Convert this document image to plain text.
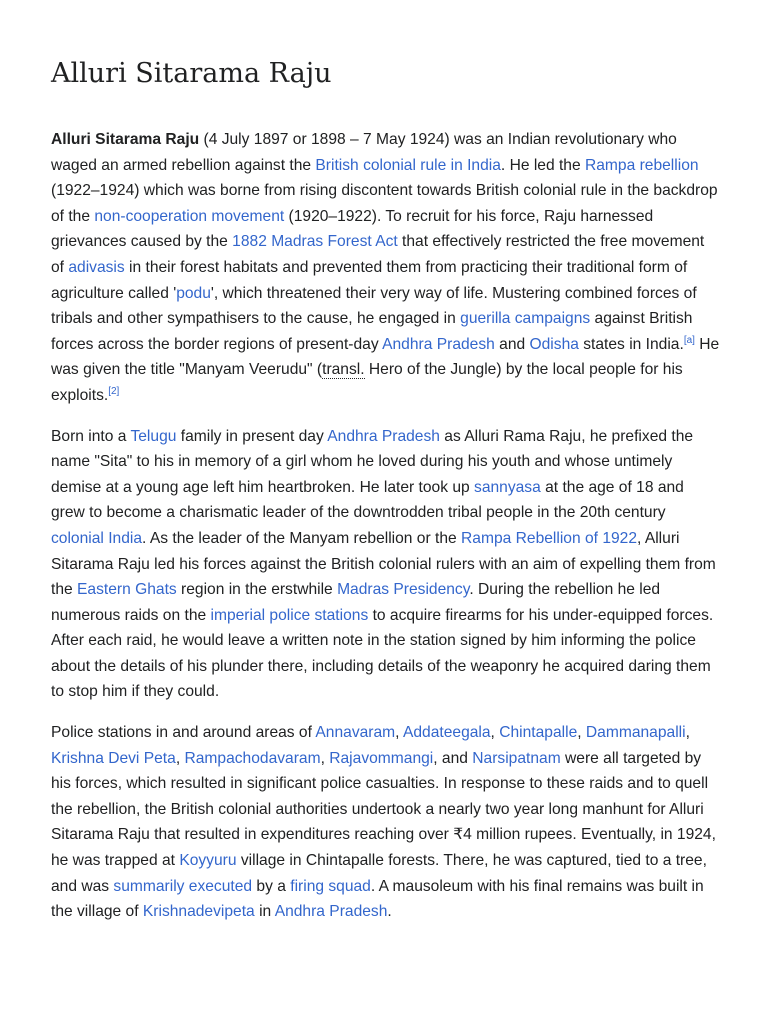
Alluri Sitarama Raju

Alluri Sitarama Raju (4 July 1897 or 1898 – 7 May 1924) was an Indian revolutionary who waged an armed rebellion against the British colonial rule in India. He led the Rampa rebellion (1922–1924) which was borne from rising discontent towards British colonial rule in the backdrop of the non-cooperation movement (1920–1922). To recruit for his force, Raju harnessed grievances caused by the 1882 Madras Forest Act that effectively restricted the free movement of adivasis in their forest habitats and prevented them from practicing their traditional form of agriculture called 'podu', which threatened their very way of life. Mustering combined forces of tribals and other sympathisers to the cause, he engaged in guerilla campaigns against British forces across the border regions of present-day Andhra Pradesh and Odisha states in India.[a] He was given the title "Manyam Veerudu" (transl. Hero of the Jungle) by the local people for his exploits.[2]

Born into a Telugu family in present day Andhra Pradesh as Alluri Rama Raju, he prefixed the name "Sita" to his in memory of a girl whom he loved during his youth and whose untimely demise at a young age left him heartbroken. He later took up sannyasa at the age of 18 and grew to become a charismatic leader of the downtrodden tribal people in the 20th century colonial India. As the leader of the Manyam rebellion or the Rampa Rebellion of 1922, Alluri Sitarama Raju led his forces against the British colonial rulers with an aim of expelling them from the Eastern Ghats region in the erstwhile Madras Presidency. During the rebellion he led numerous raids on the imperial police stations to acquire firearms for his under-equipped forces. After each raid, he would leave a written note in the station signed by him informing the police about the details of his plunder there, including details of the weaponry he acquired daring them to stop him if they could.

Police stations in and around areas of Annavaram, Addateegala, Chintapalle, Dammanapalli, Krishna Devi Peta, Rampachodavaram, Rajavommangi, and Narsipatnam were all targeted by his forces, which resulted in significant police casualties. In response to these raids and to quell the rebellion, the British colonial authorities undertook a nearly two year long manhunt for Alluri Sitarama Raju that resulted in expenditures reaching over ₹4 million rupees. Eventually, in 1924, he was trapped at Koyyuru village in Chintapalle forests. There, he was captured, tied to a tree, and was summarily executed by a firing squad. A mausoleum with his final remains was built in the village of Krishnadevipeta in Andhra Pradesh.
